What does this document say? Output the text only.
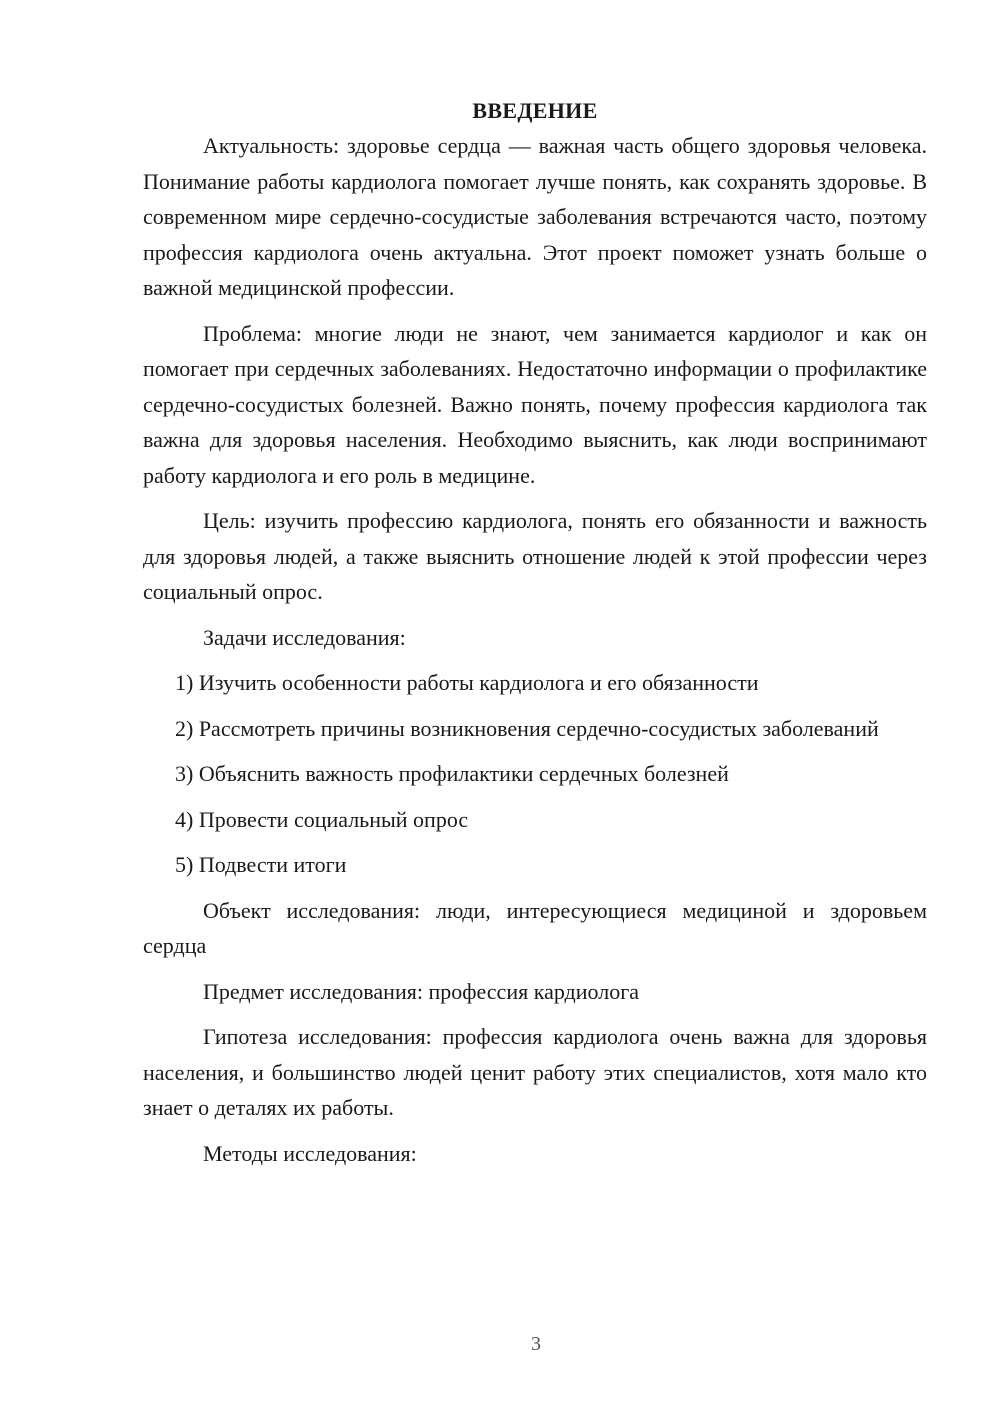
ВВЕДЕНИЕ

Актуальность: здоровье сердца — важная часть общего здоровья человека. Понимание работы кардиолога помогает лучше понять, как сохранять здоровье. В современном мире сердечно-сосудистые заболевания встречаются часто, поэтому профессия кардиолога очень актуальна. Этот проект поможет узнать больше о важной медицинской профессии.

Проблема: многие люди не знают, чем занимается кардиолог и как он помогает при сердечных заболеваниях. Недостаточно информации о профилактике сердечно-сосудистых болезней. Важно понять, почему профессия кардиолога так важна для здоровья населения. Необходимо выяснить, как люди воспринимают работу кардиолога и его роль в медицине.

Цель: изучить профессию кардиолога, понять его обязанности и важность для здоровья людей, а также выяснить отношение людей к этой профессии через социальный опрос.

Задачи исследования:

1) Изучить особенности работы кардиолога и его обязанности

2) Рассмотреть причины возникновения сердечно-сосудистых заболеваний

3) Объяснить важность профилактики сердечных болезней

4) Провести социальный опрос

5) Подвести итоги

Объект исследования: люди, интересующиеся медициной и здоровьем сердца

Предмет исследования: профессия кардиолога

Гипотеза исследования: профессия кардиолога очень важна для здоровья населения, и большинство людей ценит работу этих специалистов, хотя мало кто знает о деталях их работы.

Методы исследования:

3
